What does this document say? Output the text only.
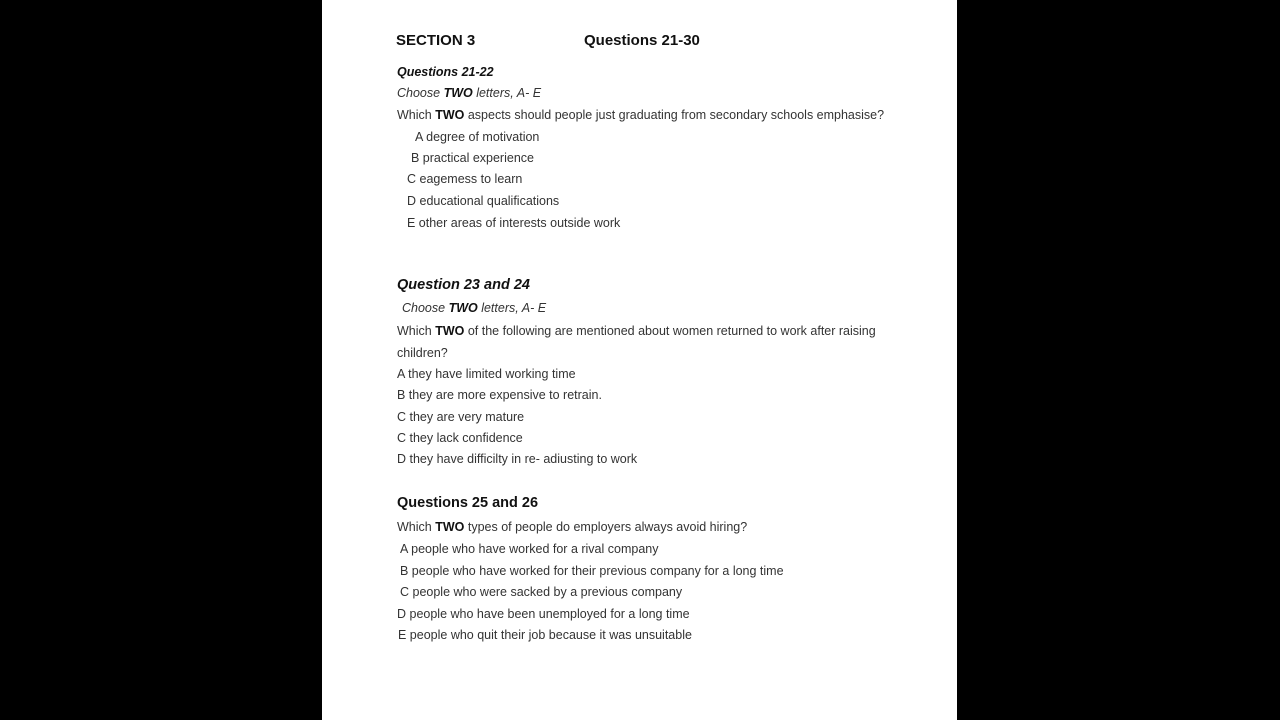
SECTION 3	Questions 21-30
Questions 21-22
Choose TWO letters, A- E
Which TWO aspects should people just graduating from secondary schools emphasise?
A degree of motivation
B practical experience
C eagemess to learn
D educational qualifications
E other areas of interests outside work
Question 23 and 24
Choose TWO letters, A- E
Which TWO of the following are mentioned about women returned to work after raising
children?
A they have limited working time
B they are more expensive to retrain.
C they are very mature
C they lack confidence
D they have difficilty in re- adiusting to work
Questions 25 and 26
Which TWO types of people do employers always avoid hiring?
A people who have worked for a rival company
B people who have worked for their previous company for a long time
C people who were sacked by a previous company
D people who have been unemployed for a long time
E people who quit their job because it was unsuitable
